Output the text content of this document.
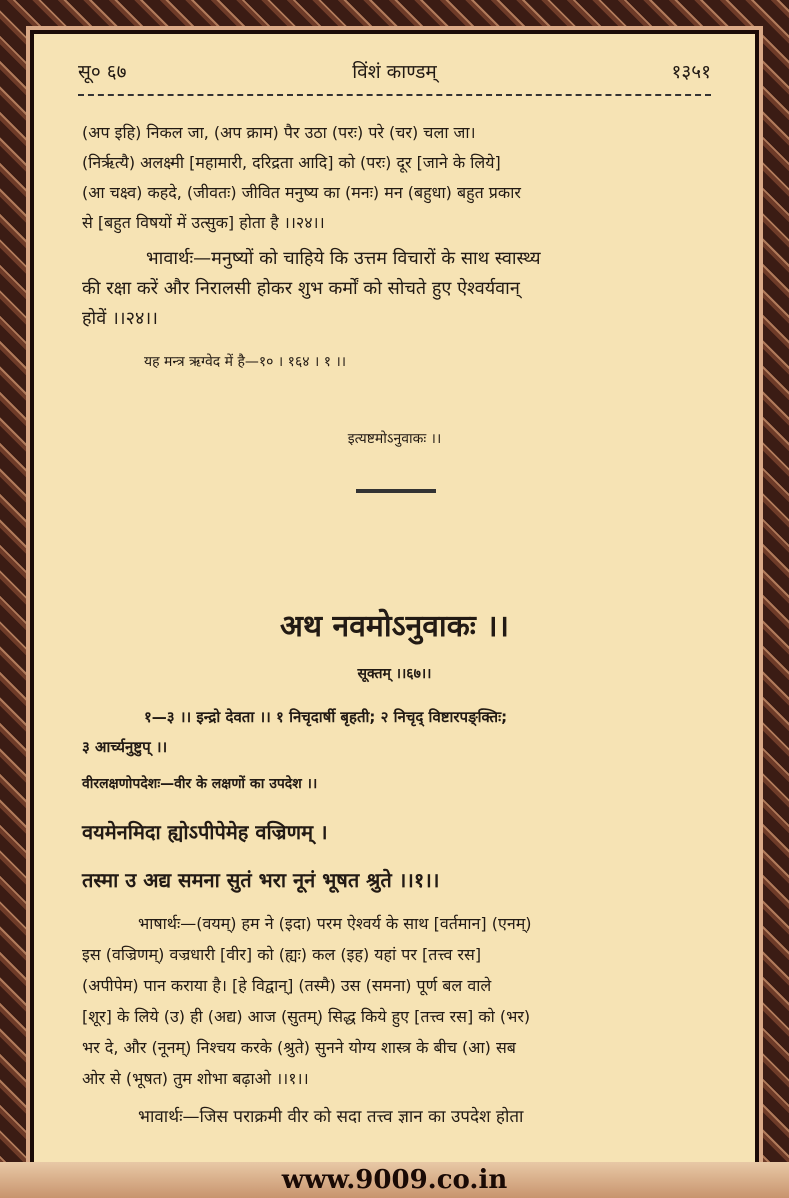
सू० ६७	विंशं काण्डम्	१३५१
(अप इहि) निकल जा, (अप क्राम) पैर उठा (परः) परे (चर) चला जा।
(निर्ऋत्यै) अलक्ष्मी [महामारी, दरिद्रता आदि] को (परः) दूर [जाने के लिये]
(आ चक्ष्व) कहदे, (जीवतः) जीवित मनुष्य का (मनः) मन (बहुधा) बहुत प्रकार
से [बहुत विषयों में उत्सुक] होता है ।।२४।।
भावार्थः—मनुष्यों को चाहिये कि उत्तम विचारों के साथ स्वास्थ्य
की रक्षा करें और निरालसी होकर शुभ कर्मों को सोचते हुए ऐश्वर्यवान्
होवें ।।२४।।
यह मन्त्र ऋग्वेद में है—१० । १६४ । १ ।।
इत्यष्टमोऽनुवाकः ।।
अथ नवमोऽनुवाकः ।।
सूक्तम् ।।६७।।
१—३ ।। इन्द्रो देवता ।। १ निचृदार्षी बृहती; २ निचृद् विष्टारपङ्क्तिः;
३ आर्च्यनुष्टुप् ।।
वीरलक्षणोपदेशः—वीर के लक्षणों का उपदेश ।।
वयमेनमिदा ह्योऽपीपेमेह वज्रिणम् ।
तस्मा उ अद्य समना सुतं भरा नूनं भूषत श्रुते ।।१।।
भाषार्थः—(वयम्) हम ने (इदा) परम ऐश्वर्य के साथ [वर्तमान] (एनम्)
इस (वज्रिणम्) वज्रधारी [वीर] को (ह्यः) कल (इह) यहां पर [तत्त्व रस]
(अपीपेम) पान कराया है। [हे विद्वान्] (तस्मै) उस (समना) पूर्ण बल वाले
[शूर] के लिये (उ) ही (अद्य) आज (सुतम्) सिद्ध किये हुए [तत्त्व रस] को (भर)
भर दे, और (नूनम्) निश्चय करके (श्रुते) सुनने योग्य शास्त्र के बीच (आ) सब
ओर से (भूषत) तुम शोभा बढ़ाओ ।।१।।
भावार्थः—जिस पराक्रमी वीर को सदा तत्त्व ज्ञान का उपदेश होता
www.9009.co.in
